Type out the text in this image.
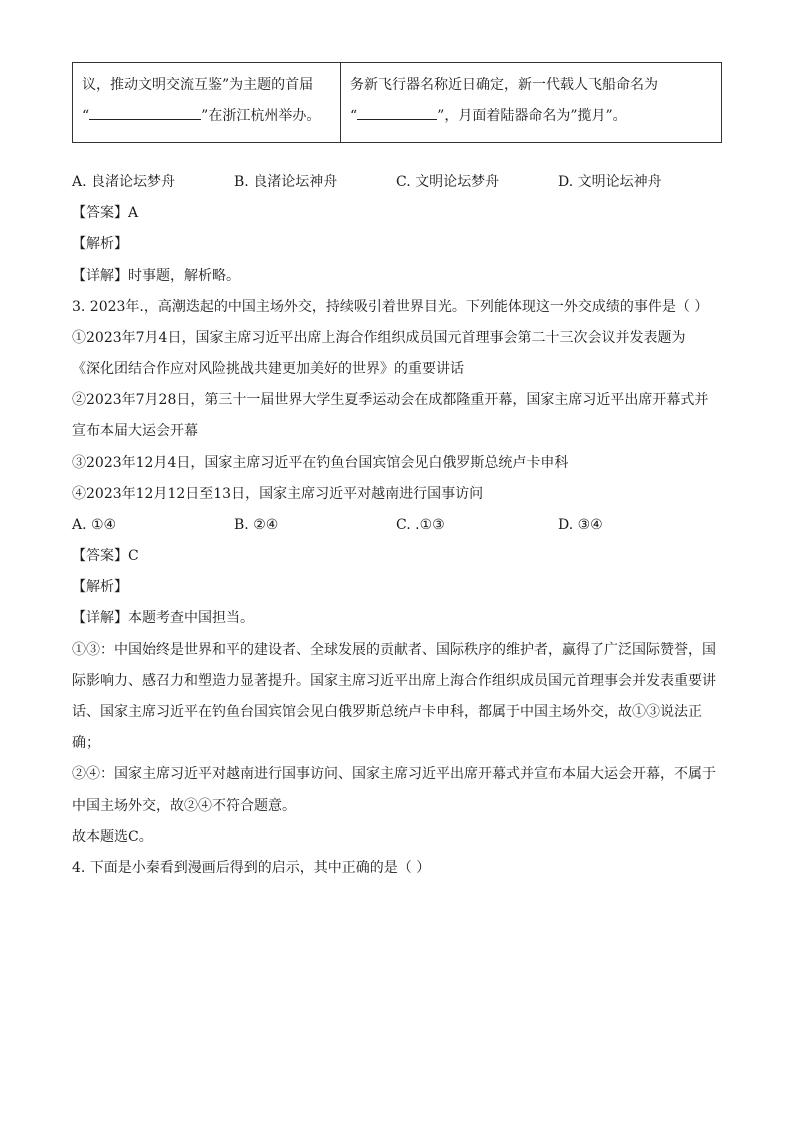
议，推动文明交流互鉴”为主题的首届
“	”在浙江杭州举办。

务新飞行器名称近日确定，新一代载人飞船命名为
“	”，月面着陆器命名为”揽月”。
A. 良渚论坛梦舟	B. 良渚论坛神舟	C. 文明论坛梦舟	D. 文明论坛神舟
【答案】A
【解析】
【详解】时事题，解析略。
3. 2023年.，高潮迭起的中国主场外交，持续吸引着世界目光。下列能体现这一外交成绩的事件是（ ）
①2023年7月4日，国家主席习近平出席上海合作组织成员国元首理事会第二十三次会议并发表题为
《深化团结合作应对风险挑战共建更加美好的世界》的重要讲话
②2023年7月28日，第三十一届世界大学生夏季运动会在成都隆重开幕，国家主席习近平出席开幕式并
宣布本届大运会开幕
③2023年12月4日，国家主席习近平在钓鱼台国宾馆会见白俄罗斯总统卢卡申科
④2023年12月12日至13日，国家主席习近平对越南进行国事访问
A. ①④	B. ②④	C. .①③	D. ③④
【答案】C
【解析】
【详解】本题考查中国担当。
①③：中国始终是世界和平的建设者、全球发展的贡献者、国际秩序的维护者，赢得了广泛国际赞誉，国
际影响力、感召力和塑造力显著提升。国家主席习近平出席上海合作组织成员国元首理事会并发表重要讲
话、国家主席习近平在钓鱼台国宾馆会见白俄罗斯总统卢卡申科，都属于中国主场外交，故①③说法正
确；
②④：国家主席习近平对越南进行国事访问、国家主席习近平出席开幕式并宣布本届大运会开幕，不属于
中国主场外交，故②④不符合题意。
故本题选C。
4. 下面是小秦看到漫画后得到的启示，其中正确的是（ ）
